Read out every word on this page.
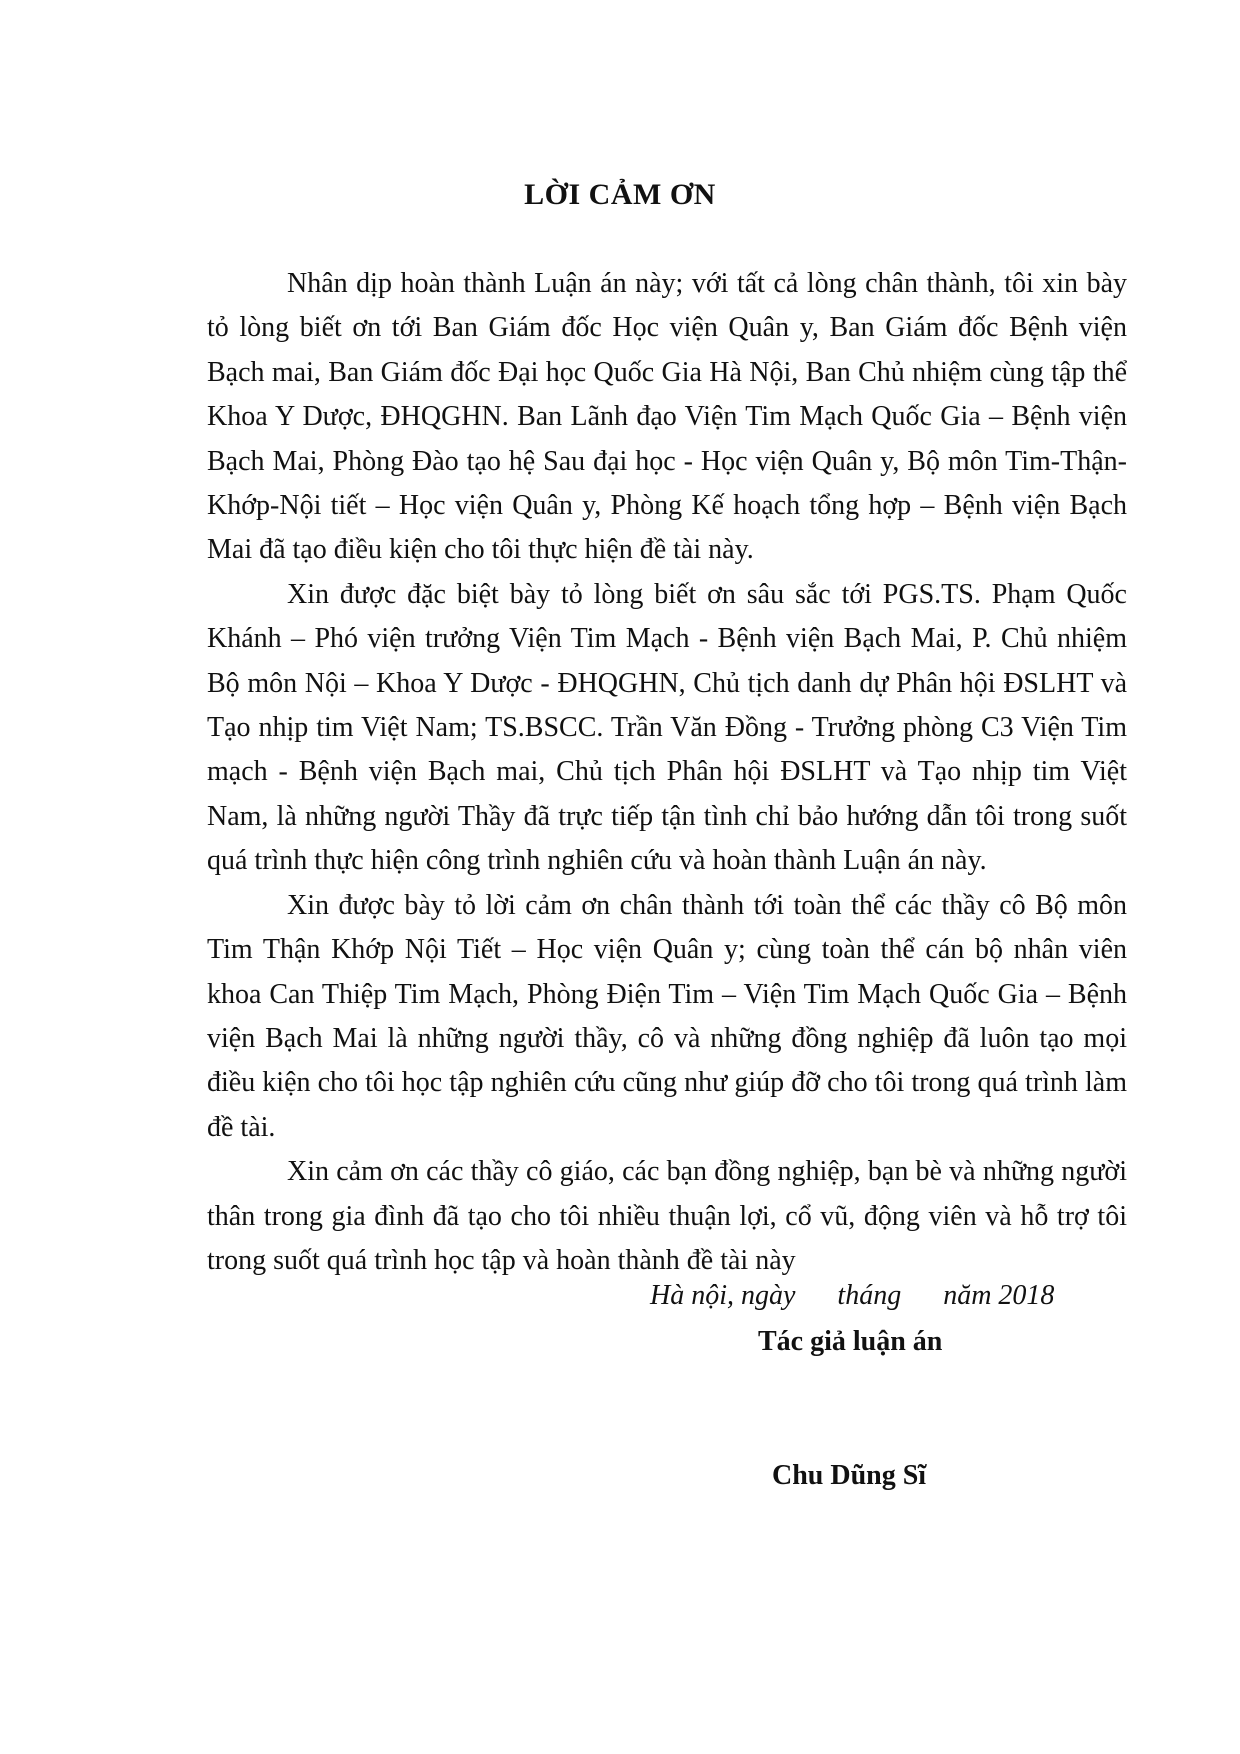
LỜI CẢM ƠN

Nhân dịp hoàn thành Luận án này; với tất cả lòng chân thành, tôi xin bày tỏ lòng biết ơn tới Ban Giám đốc Học viện Quân y, Ban Giám đốc Bệnh viện Bạch mai, Ban Giám đốc Đại học Quốc Gia Hà Nội, Ban Chủ nhiệm cùng tập thể Khoa Y Dược, ĐHQGHN. Ban Lãnh đạo Viện Tim Mạch Quốc Gia – Bệnh viện Bạch Mai, Phòng Đào tạo hệ Sau đại học - Học viện Quân y, Bộ môn Tim-Thận-Khớp-Nội tiết – Học viện Quân y, Phòng Kế hoạch tổng hợp – Bệnh viện Bạch Mai đã tạo điều kiện cho tôi thực hiện đề tài này.

Xin được đặc biệt bày tỏ lòng biết ơn sâu sắc tới PGS.TS. Phạm Quốc Khánh – Phó viện trưởng Viện Tim Mạch - Bệnh viện Bạch Mai, P. Chủ nhiệm Bộ môn Nội – Khoa Y Dược - ĐHQGHN, Chủ tịch danh dự Phân hội ĐSLHT và Tạo nhịp tim Việt Nam; TS.BSCC. Trần Văn Đồng - Trưởng phòng C3 Viện Tim mạch - Bệnh viện Bạch mai, Chủ tịch Phân hội ĐSLHT và Tạo nhịp tim Việt Nam, là những người Thầy đã trực tiếp tận tình chỉ bảo hướng dẫn tôi trong suốt quá trình thực hiện công trình nghiên cứu và hoàn thành Luận án này.

Xin được bày tỏ lời cảm ơn chân thành tới toàn thể các thầy cô Bộ môn Tim Thận Khớp Nội Tiết – Học viện Quân y; cùng toàn thể cán bộ nhân viên khoa Can Thiệp Tim Mạch, Phòng Điện Tim – Viện Tim Mạch Quốc Gia – Bệnh viện Bạch Mai là những người thầy, cô và những đồng nghiệp đã luôn tạo mọi điều kiện cho tôi học tập nghiên cứu cũng như giúp đỡ cho tôi trong quá trình làm đề tài.

Xin cảm ơn các thầy cô giáo, các bạn đồng nghiệp, bạn bè và những người thân trong gia đình đã tạo cho tôi nhiều thuận lợi, cổ vũ, động viên và hỗ trợ tôi trong suốt quá trình học tập và hoàn thành đề tài này

Hà nội, ngày      tháng      năm 2018
Tác giả luận án
Chu Dũng Sĩ
